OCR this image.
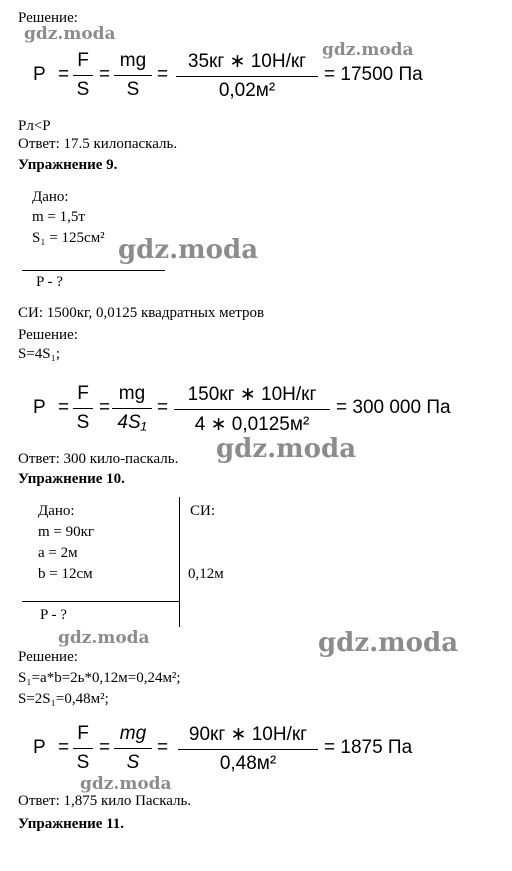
Решение:
gdz.moda
gdz.moda
P =
F
S
=
mg
S
=
35кг ∗ 10Н/кг
0,02м²
= 17500 Па
Pл<P
Ответ: 17.5 килопаскаль.
Упражнение 9.
Дано:
m = 1,5т
S₁ = 125см² gdz.moda
P - ?
СИ: 1500кг, 0,0125 квадратных метров
Решение:
S=4S₁;
P =
F
S
=
mg
4S₁
=
150кг ∗ 10Н/кг
4 ∗ 0,0125м²
= 300 000 Па
gdz.moda
Ответ: 300 кило-паскаль.
Упражнение 10.
Дано:	СИ:
m = 90кг
a = 2м
b = 12см	0,12м
P - ?
gdz.moda	gdz.moda
Решение:
S₁=a*b=2ь*0,12м=0,24м²;
S=2S₁=0,48м²;
P =
F
S
=
mg
S
=
90кг ∗ 10Н/кг
0,48м²
= 1875 Па
gdz.moda
Ответ: 1,875 кило Паскаль.
Упражнение 11.
